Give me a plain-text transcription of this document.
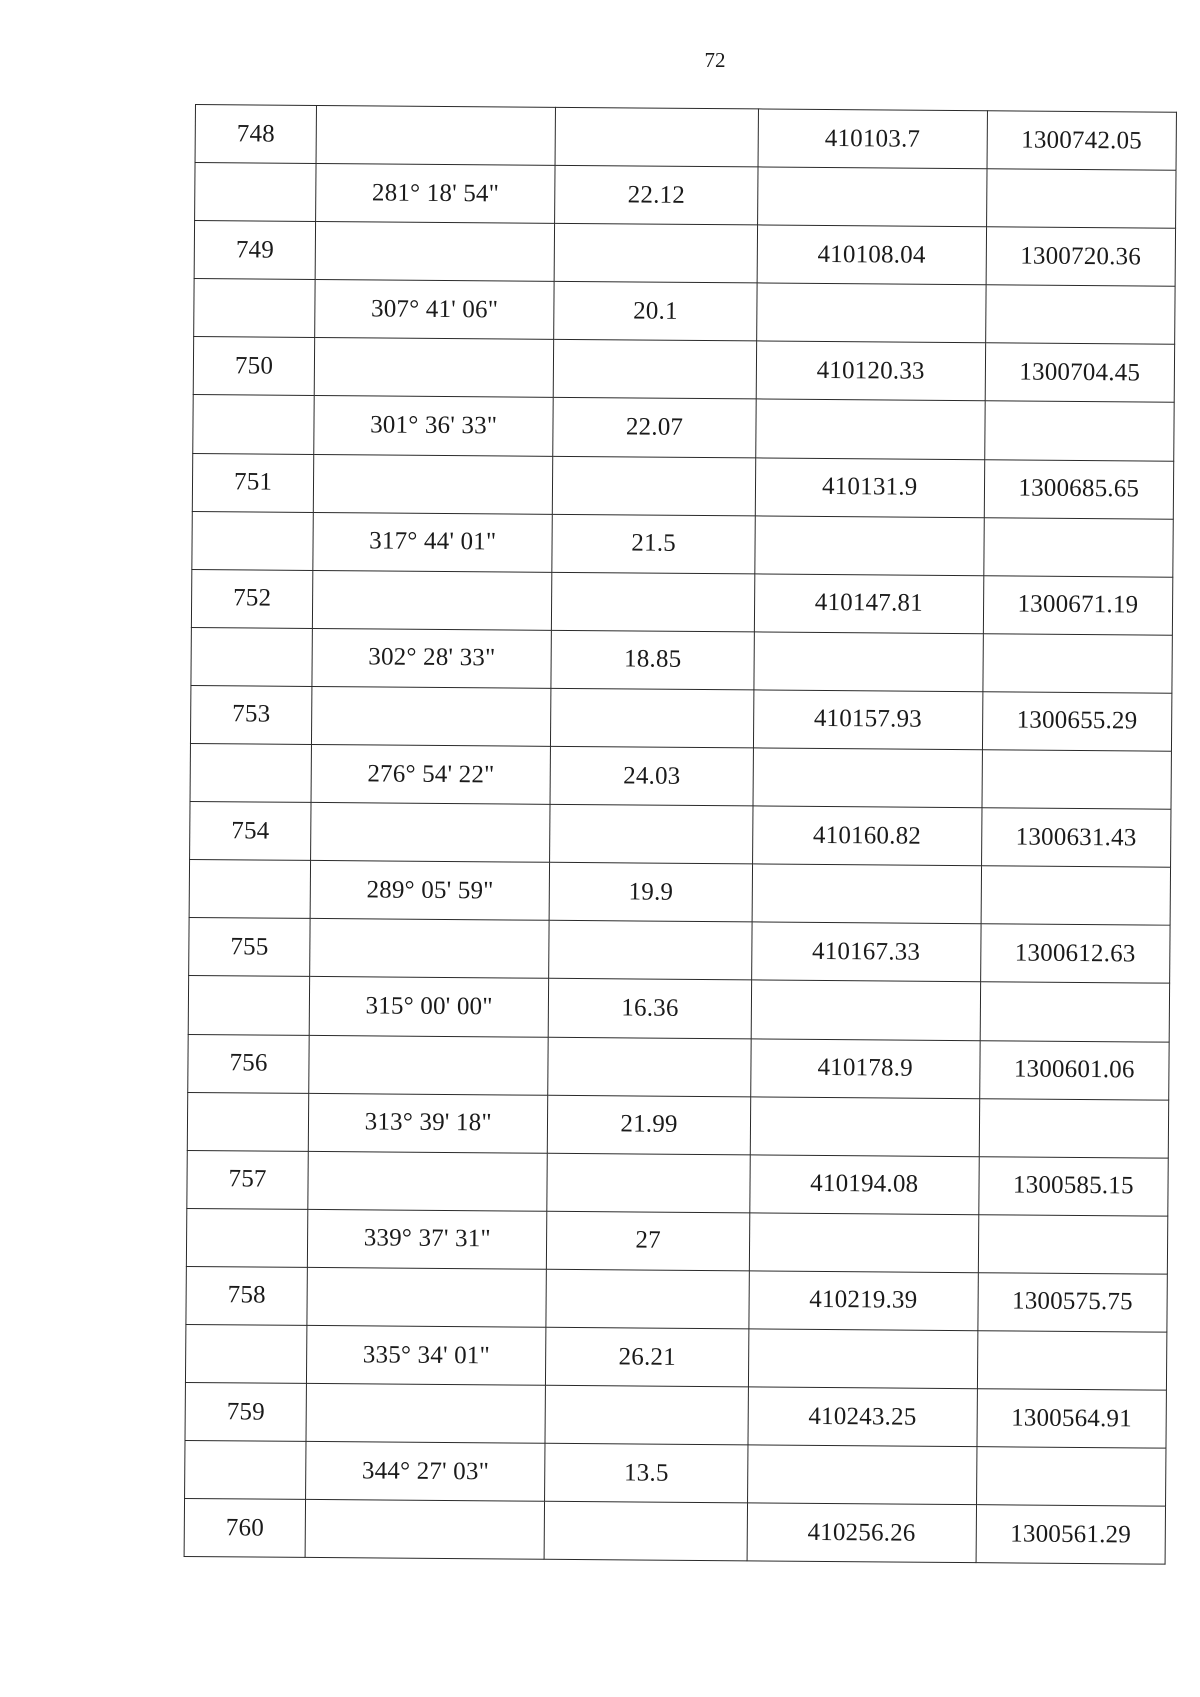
72
748			410103.7	1300742.05
	281° 18' 54"	22.12		
749			410108.04	1300720.36
	307° 41' 06"	20.1		
750			410120.33	1300704.45
	301° 36' 33"	22.07		
751			410131.9	1300685.65
	317° 44' 01"	21.5		
752			410147.81	1300671.19
	302° 28' 33"	18.85		
753			410157.93	1300655.29
	276° 54' 22"	24.03		
754			410160.82	1300631.43
	289° 05' 59"	19.9		
755			410167.33	1300612.63
	315° 00' 00"	16.36		
756			410178.9	1300601.06
	313° 39' 18"	21.99		
757			410194.08	1300585.15
	339° 37' 31"	27		
758			410219.39	1300575.75
	335° 34' 01"	26.21		
759			410243.25	1300564.91
	344° 27' 03"	13.5		
760			410256.26	1300561.29
